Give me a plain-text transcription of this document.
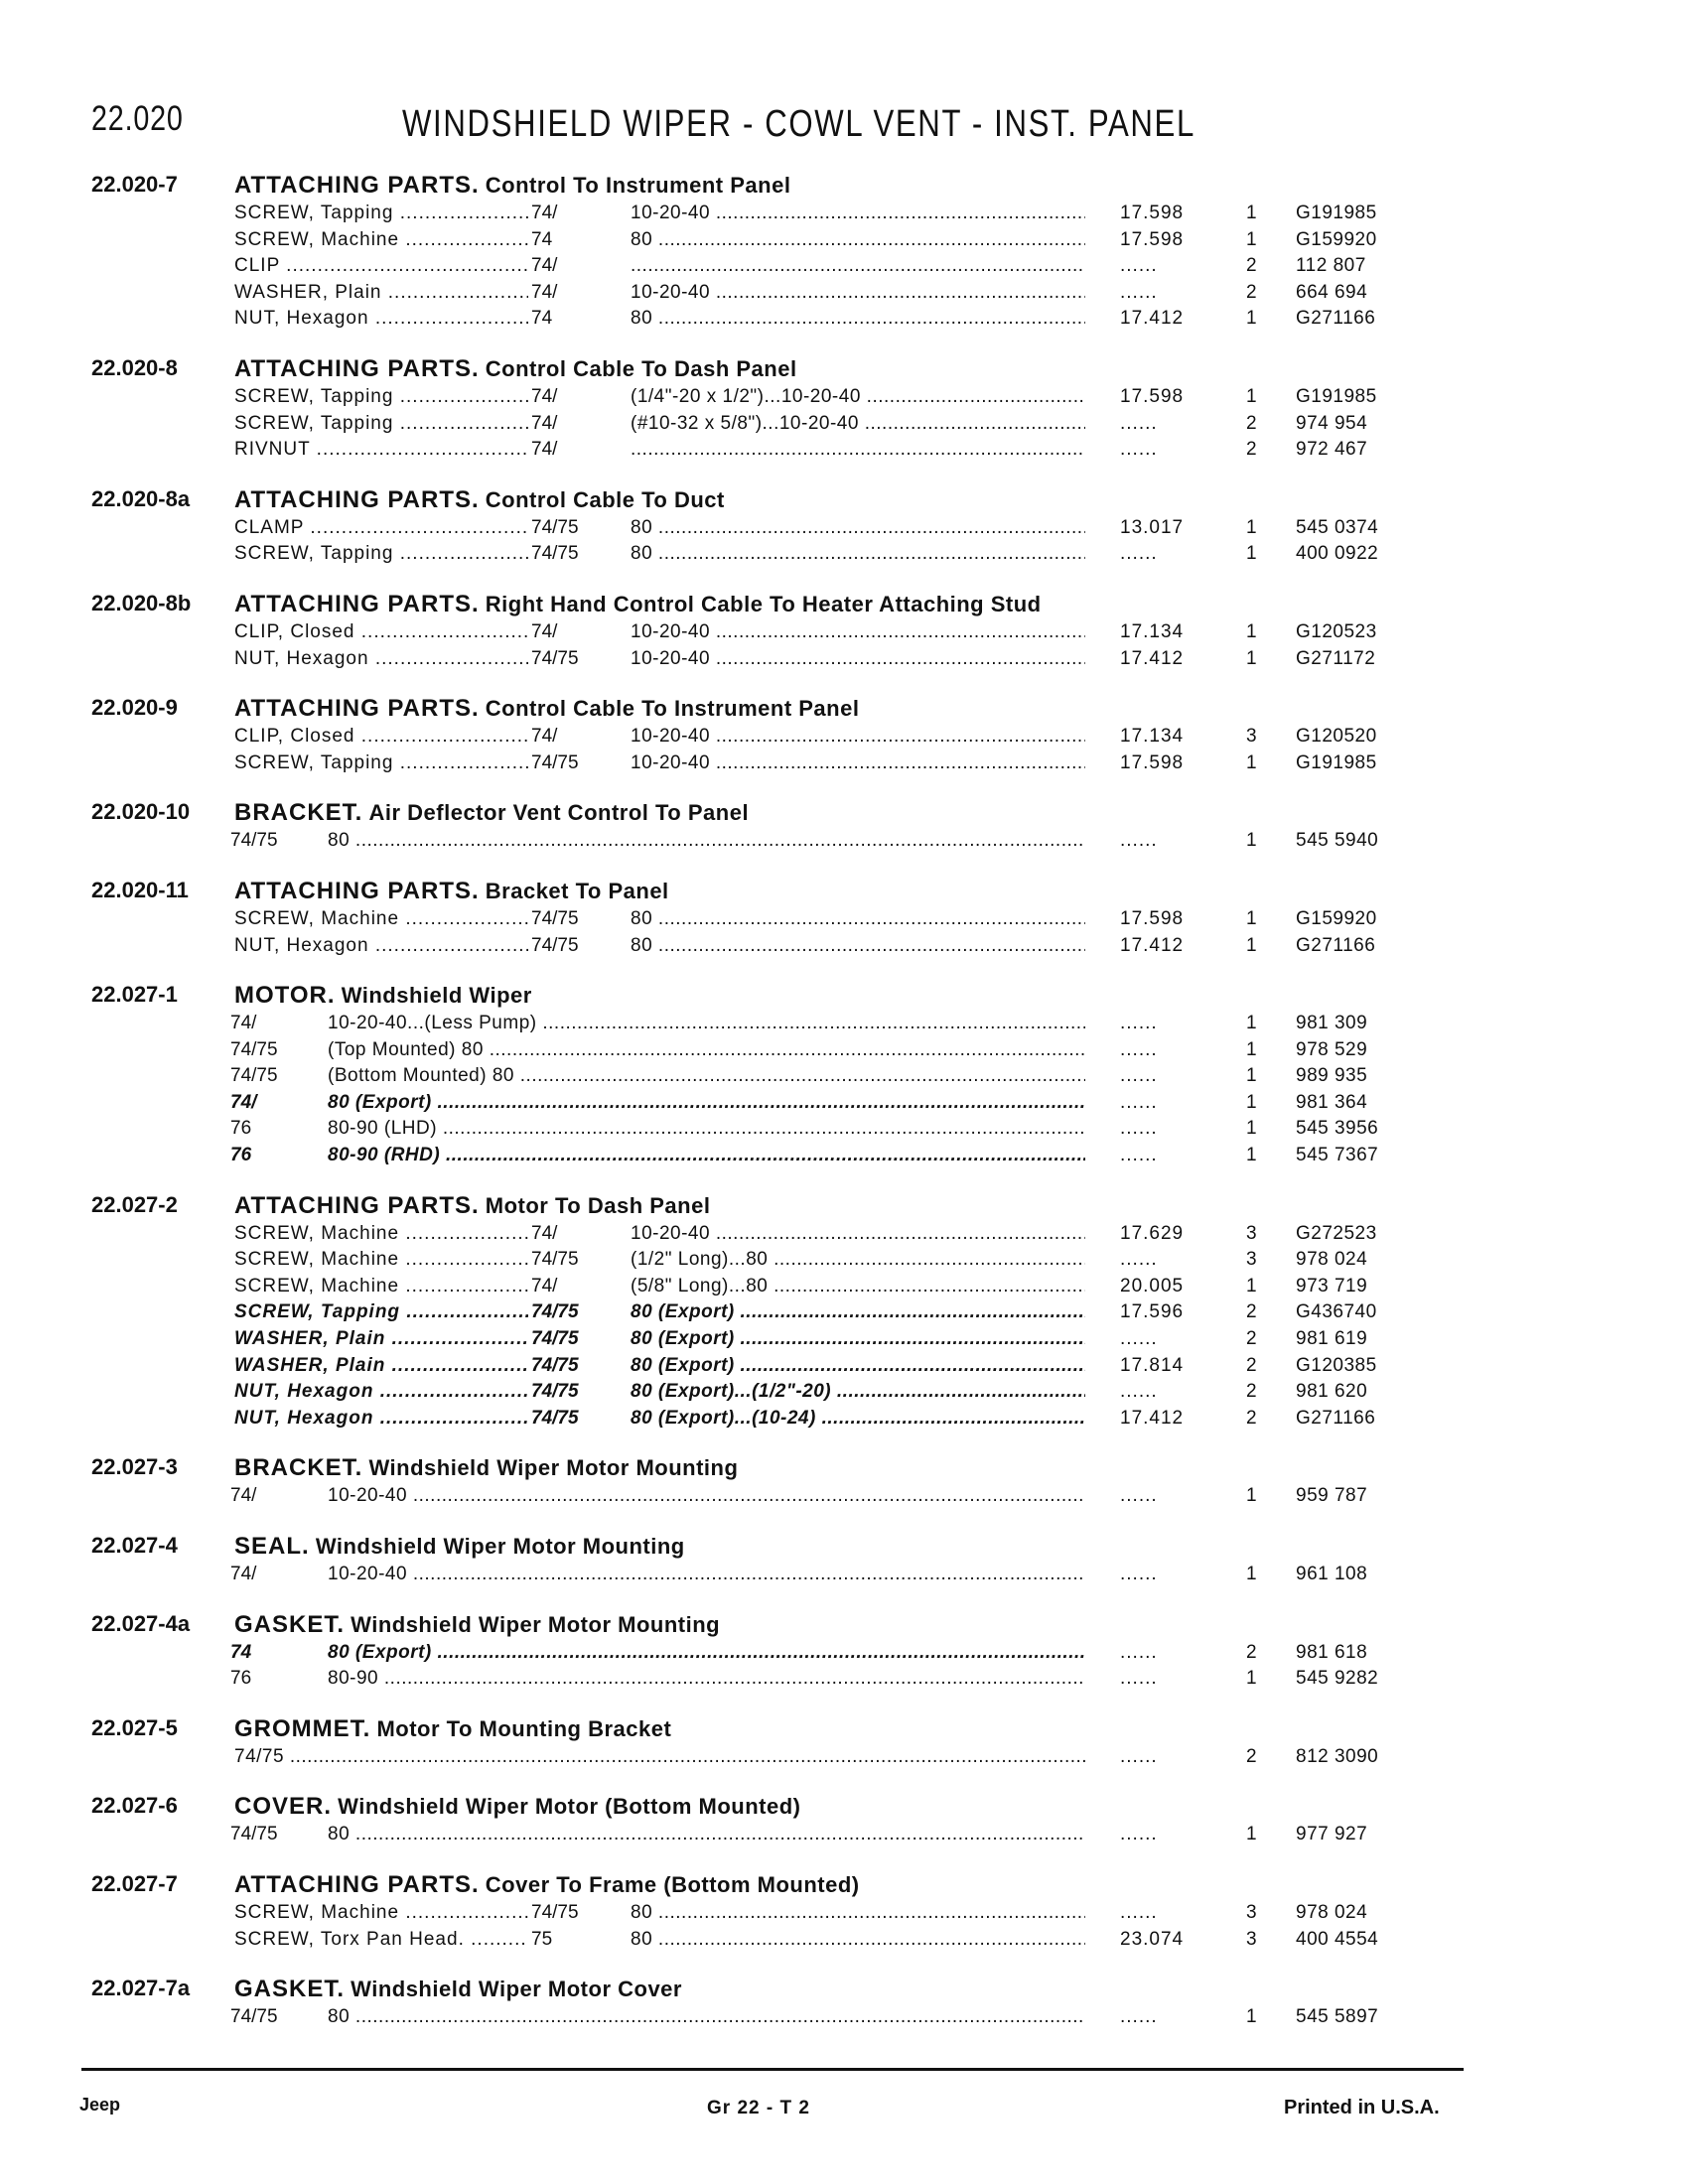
22.020	WINDSHIELD WIPER - COWL VENT - INST. PANEL
22.020-7 ATTACHING PARTS. Control To Instrument Panel
SCREW, Tapping .....	74/	10-20-40 .....	17.598	1 G191985
SCREW, Machine .....	74	80 .....	17.598	1 G159920
CLIP .....	74/ .....	......	2 112 807
WASHER, Plain .....	74/	10-20-40 .....	......	2 664 694
NUT, Hexagon .....	74	80 .....	17.412	1 G271166
22.020-8 ATTACHING PARTS. Control Cable To Dash Panel
SCREW, Tapping .....	74/	(1/4"-20 x 1/2")...10-20-40 .....	17.598	1 G191985
SCREW, Tapping .....	74/	(#10-32 x 5/8")...10-20-40 .....	......	2 974 954
RIVNUT .....	74/ .....	......	2 972 467
22.020-8a ATTACHING PARTS. Control Cable To Duct
CLAMP .....	74/75	80 .....	13.017	1 545 0374
SCREW, Tapping .....	74/75	80 .....	......	1 400 0922
22.020-8b ATTACHING PARTS. Right Hand Control Cable To Heater Attaching Stud
CLIP, Closed .....	74/	10-20-40 .....	17.134	1 G120523
NUT, Hexagon .....	74/75	10-20-40 .....	17.412	1 G271172
22.020-9 ATTACHING PARTS. Control Cable To Instrument Panel
CLIP, Closed .....	74/	10-20-40 .....	17.134	3 G120520
SCREW, Tapping .....	74/75	10-20-40 .....	17.598	1 G191985
22.020-10 BRACKET. Air Deflector Vent Control To Panel
74/75	80 .....	......	1 545 5940
22.020-11 ATTACHING PARTS. Bracket To Panel
SCREW, Machine .....	74/75	80 .....	17.598	1 G159920
NUT, Hexagon .....	74/75	80 .....	17.412	1 G271166
22.027-1 MOTOR. Windshield Wiper
74/	10-20-40...(Less Pump) .....	......	1 981 309
74/75	(Top Mounted) 80 .....	......	1 978 529
74/75	(Bottom Mounted) 80 .....	......	1 989 935
74/	80 (Export) .....	......	1 981 364
76	80-90 (LHD) .....	......	1 545 3956
76	80-90 (RHD) .....	......	1 545 7367
22.027-2 ATTACHING PARTS. Motor To Dash Panel
SCREW, Machine .....	74/	10-20-40 .....	17.629	3 G272523
SCREW, Machine .....	74/75	(1/2" Long)...80 .....	......	3 978 024
SCREW, Machine .....	74/	(5/8" Long)...80 .....	20.005	1 973 719
SCREW, Tapping .....	74/75	80 (Export) .....	17.596	2 G436740
WASHER, Plain .....	74/75	80 (Export) .....	......	2 981 619
WASHER, Plain .....	74/75	80 (Export) .....	17.814	2 G120385
NUT, Hexagon .....	74/75	80 (Export)...(1/2"-20) .....	......	2 981 620
NUT, Hexagon .....	74/75	80 (Export)...(10-24) .....	17.412	2 G271166
22.027-3 BRACKET. Windshield Wiper Motor Mounting
74/	10-20-40 .....	......	1 959 787
22.027-4 SEAL. Windshield Wiper Motor Mounting
74/	10-20-40 .....	......	1 961 108
22.027-4a GASKET. Windshield Wiper Motor Mounting
74	80 (Export) .....	......	2 981 618
76	80-90 .....	......	1 545 9282
22.027-5 GROMMET. Motor To Mounting Bracket
74/75 .....	......	2 812 3090
22.027-6 COVER. Windshield Wiper Motor (Bottom Mounted)
74/75	80 .....	......	1 977 927
22.027-7 ATTACHING PARTS. Cover To Frame (Bottom Mounted)
SCREW, Machine .....	74/75	80 .....	......	3 978 024
SCREW, Torx Pan Head. .....	75	80 .....	23.074	3 400 4554
22.027-7a GASKET. Windshield Wiper Motor Cover
74/75	80 .....	......	1 545 5897
Jeep	Gr 22 - T 2	Printed in U.S.A.
